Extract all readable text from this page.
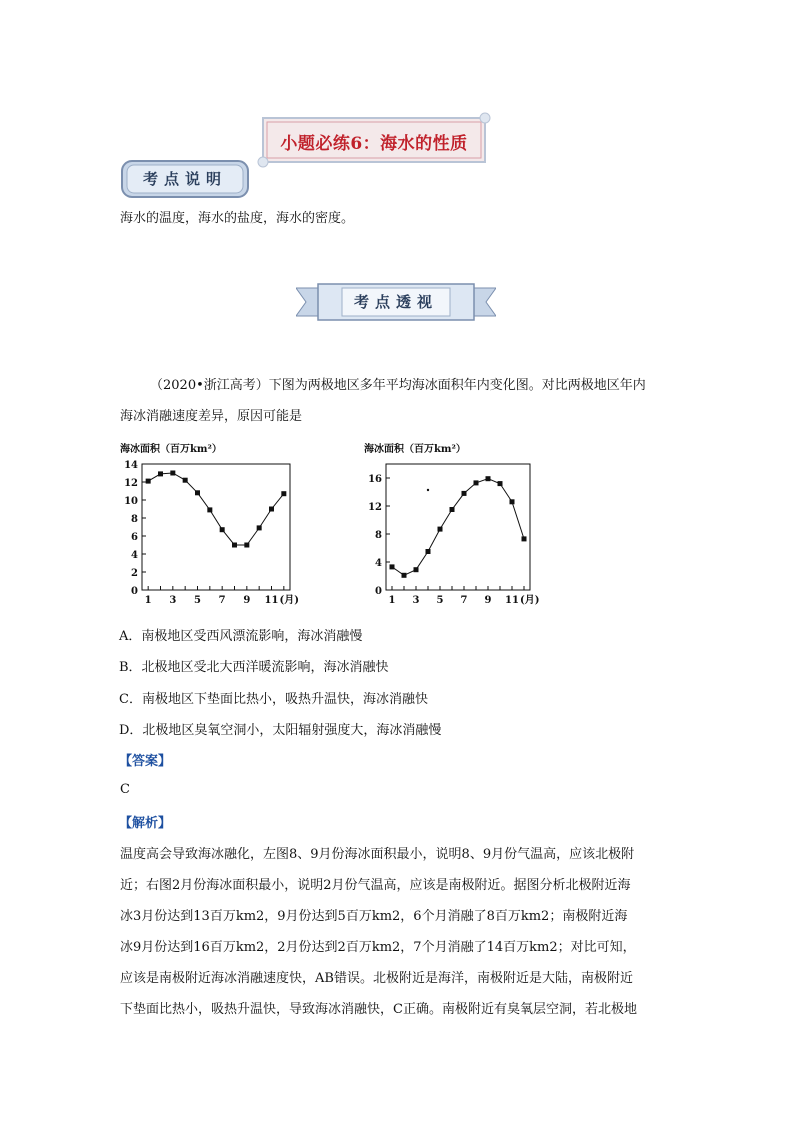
小题必练6：海水的性质
考点说明
海水的温度，海水的盐度，海水的密度。
考点透视
（2020•浙江高考）下图为两极地区多年平均海冰面积年内变化图。对比两极地区年内
海冰消融速度差异，原因可能是
海冰面积（百万km²）
0
2
4
6
8
10
12
14
1 3 5 7 9 11 (月)
海冰面积（百万km²）
0
4
8
12
16
1 3 5 7 9 11 (月)
A．南极地区受西风漂流影响，海冰消融慢
B．北极地区受北大西洋暖流影响，海冰消融快
C．南极地区下垫面比热小，吸热升温快，海冰消融快
D．北极地区臭氧空洞小，太阳辐射强度大，海冰消融慢
【答案】
C
【解析】
温度高会导致海冰融化，左图8、9月份海冰面积最小，说明8、9月份气温高，应该北极附
近；右图2月份海冰面积最小，说明2月份气温高，应该是南极附近。据图分析北极附近海
冰3月份达到13百万km2，9月份达到5百万km2，6个月消融了8百万km2；南极附近海
冰9月份达到16百万km2，2月份达到2百万km2，7个月消融了14百万km2；对比可知，
应该是南极附近海冰消融速度快，AB错误。北极附近是海洋，南极附近是大陆，南极附近
下垫面比热小，吸热升温快，导致海冰消融快，C正确。南极附近有臭氧层空洞，若北极地
